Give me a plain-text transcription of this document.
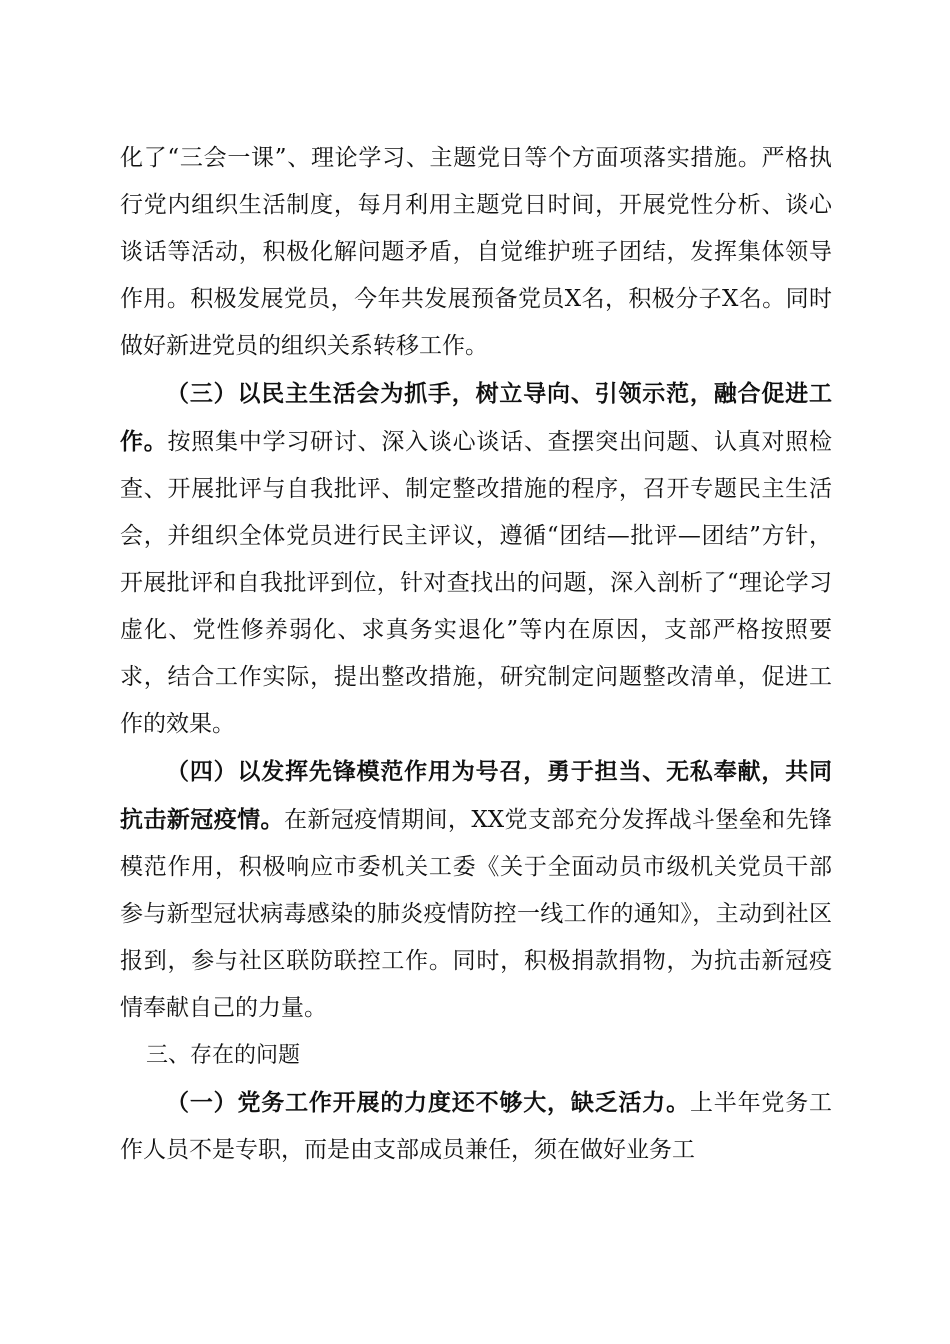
化了“三会一课”、理论学习、主题党日等个方面项落实措施。严格执行党内组织生活制度，每月利用主题党日时间，开展党性分析、谈心谈话等活动，积极化解问题矛盾，自觉维护班子团结，发挥集体领导作用。积极发展党员，今年共发展预备党员X名，积极分子X名。同时做好新进党员的组织关系转移工作。

（三）以民主生活会为抓手，树立导向、引领示范，融合促进工作。按照集中学习研讨、深入谈心谈话、查摆突出问题、认真对照检查、开展批评与自我批评、制定整改措施的程序，召开专题民主生活会，并组织全体党员进行民主评议，遵循“团结—批评—团结”方针，开展批评和自我批评到位，针对查找出的问题，深入剖析了“理论学习虚化、党性修养弱化、求真务实退化”等内在原因，支部严格按照要求，结合工作实际，提出整改措施，研究制定问题整改清单，促进工作的效果。

（四）以发挥先锋模范作用为号召，勇于担当、无私奉献，共同抗击新冠疫情。在新冠疫情期间，XX党支部充分发挥战斗堡垒和先锋模范作用，积极响应市委机关工委《关于全面动员市级机关党员干部参与新型冠状病毒感染的肺炎疫情防控一线工作的通知》，主动到社区报到，参与社区联防联控工作。同时，积极捐款捐物，为抗击新冠疫情奉献自己的力量。

三、存在的问题

（一）党务工作开展的力度还不够大，缺乏活力。上半年党务工作人员不是专职，而是由支部成员兼任，须在做好业务工
